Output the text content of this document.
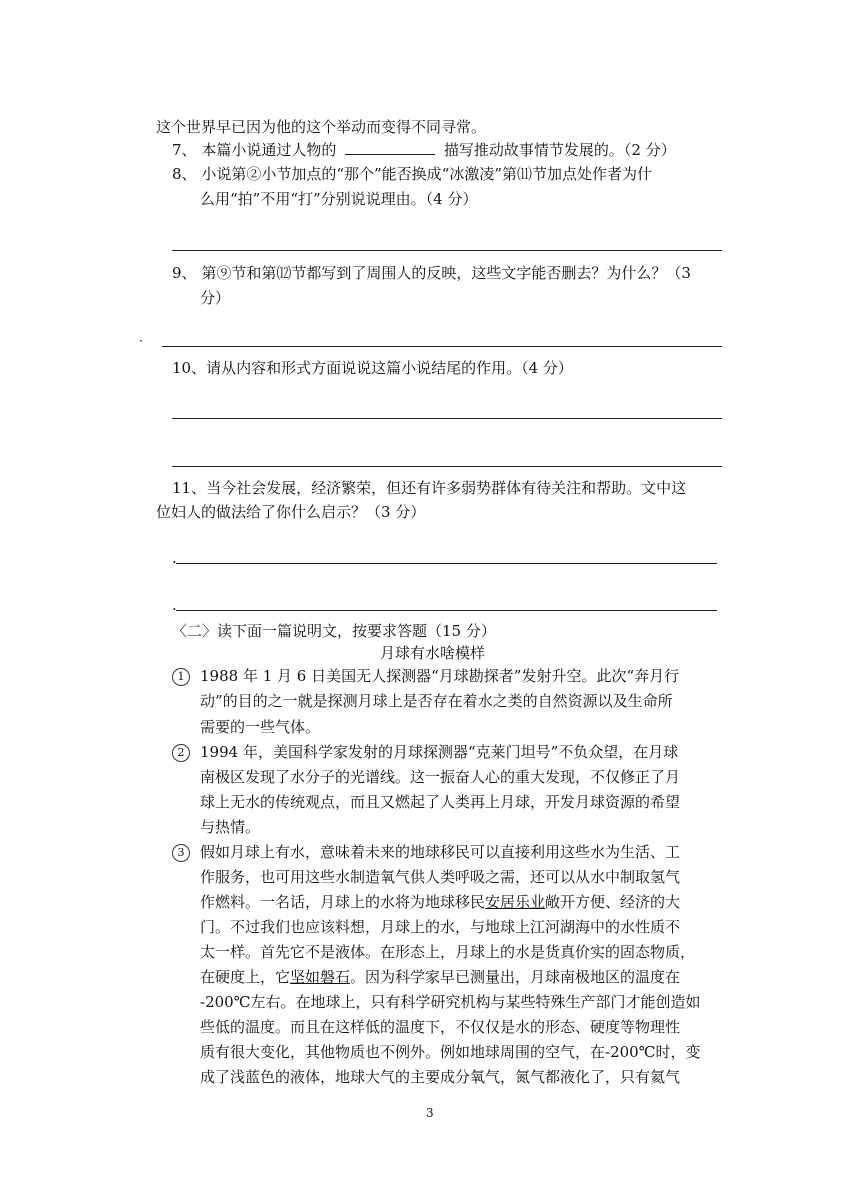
这个世界早已因为他的这个举动而变得不同寻常。
7、 本篇小说通过人物的	描写推动故事情节发展的。（2 分）
8、 小说第②小节加点的“那个”能否换成“冰激凌”第⑾节加点处作者为什
么用“拍”不用“打”分别说说理由。（4 分）
9、 第⑨节和第⑿节都写到了周围人的反映，这些文字能否删去？为什么？（3
分）
·
10、请从内容和形式方面说说这篇小说结尾的作用。（4 分）
11、当今社会发展，经济繁荣，但还有许多弱势群体有待关注和帮助。文中这
位妇人的做法给了你什么启示？（3 分）
.
.
〈二〉读下面一篇说明文，按要求答题（15 分）
月球有水啥模样
1	1988 年 1 月 6 日美国无人探测器“月球勘探者”发射升空。此次“奔月行
动”的目的之一就是探测月球上是否存在着水之类的自然资源以及生命所
需要的一些气体。
2	1994 年，美国科学家发射的月球探测器“克莱门坦号”不负众望，在月球
南极区发现了水分子的光谱线。这一振奋人心的重大发现，不仅修正了月
球上无水的传统观点，而且又燃起了人类再上月球，开发月球资源的希望
与热情。
3	假如月球上有水，意味着未来的地球移民可以直接利用这些水为生活、工
作服务，也可用这些水制造氧气供人类呼吸之需，还可以从水中制取氢气
作燃料。一名话，月球上的水将为地球移民安居乐业敞开方便、经济的大
门。不过我们也应该料想，月球上的水，与地球上江河湖海中的水性质不
太一样。首先它不是液体。在形态上，月球上的水是货真价实的固态物质，
在硬度上，它坚如磐石。因为科学家早已测量出，月球南极地区的温度在
-200℃左右。在地球上，只有科学研究机构与某些特殊生产部门才能创造如
些低的温度。而且在这样低的温度下，不仅仅是水的形态、硬度等物理性
质有很大变化，其他物质也不例外。例如地球周围的空气，在-200℃时，变
成了浅蓝色的液体，地球大气的主要成分氧气，氮气都液化了，只有氦气
3
